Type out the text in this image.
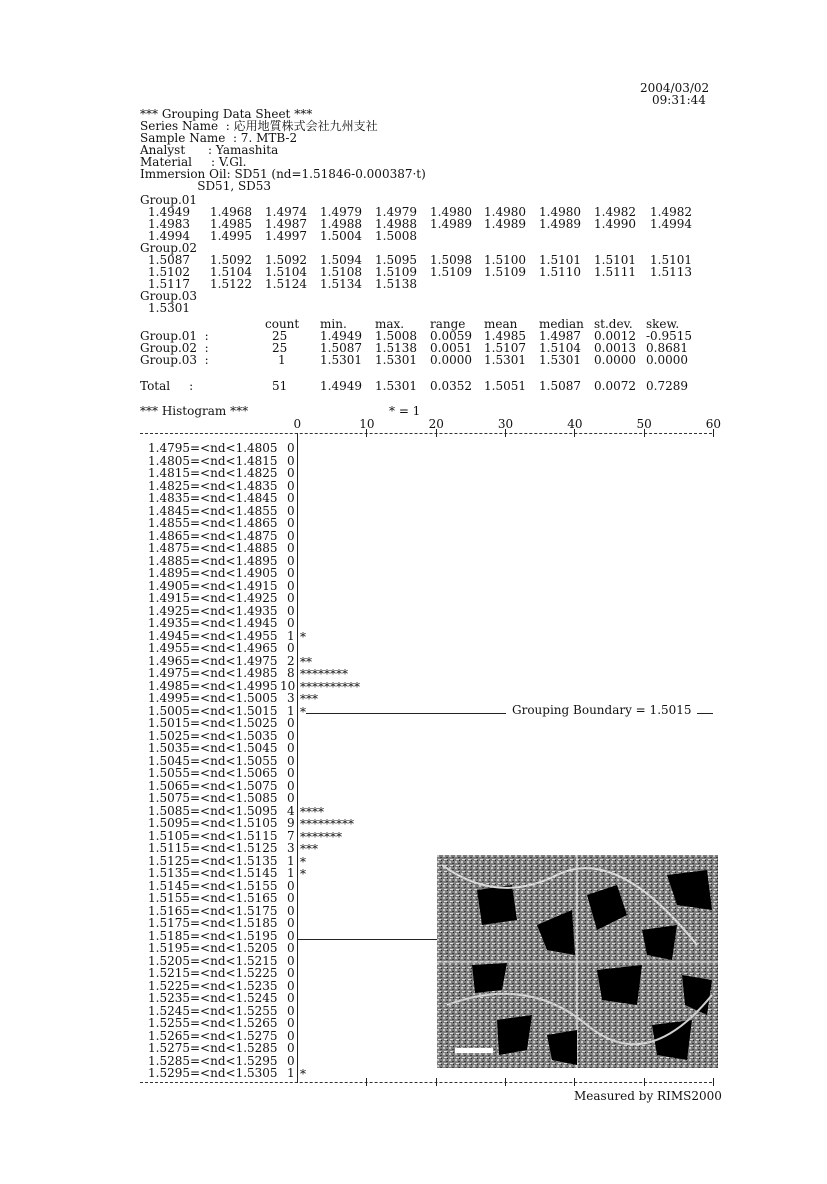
2004/03/02
09:31:44
*** Grouping Data Sheet ***
Series Name  : 応用地質株式会社九州支社
Sample Name  : 7. MTB-2
Analyst      : Yamashita
Material     : V.Gl.
Immersion Oil: SD51 (nd=1.51846-0.000387·t)
SD51, SD53
Group.01
1.4949 1.4968 1.4974 1.4979 1.4979 1.4980 1.4980 1.4980 1.4982 1.4982
1.4983 1.4985 1.4987 1.4988 1.4988 1.4989 1.4989 1.4989 1.4990 1.4994
1.4994 1.4995 1.4997 1.5004 1.5008
Group.02
1.5087 1.5092 1.5092 1.5094 1.5095 1.5098 1.5100 1.5101 1.5101 1.5101
1.5102 1.5104 1.5104 1.5108 1.5109 1.5109 1.5109 1.5110 1.5111 1.5113
1.5117 1.5122 1.5124 1.5134 1.5138
Group.03
1.5301
count min. max. range mean median st.dev. skew.
Group.01  :	25	1.4949 1.5008 0.0059 1.4985 1.4987 0.0012 -0.9515
Group.02  :	25	1.5087 1.5138 0.0051 1.5107 1.5104 0.0013 0.8681
Group.03  :	1	1.5301 1.5301 0.0000 1.5301 1.5301 0.0000 0.0000
Total     :	51	1.4949 1.5301 0.0352 1.5051 1.5087 0.0072 0.7289
*** Histogram ***	* = 1
0	10	20	30	40	50	60
1.4795=<nd<1.4805 0
1.4805=<nd<1.4815 0
1.4815=<nd<1.4825 0
1.4825=<nd<1.4835 0
1.4835=<nd<1.4845 0
1.4845=<nd<1.4855 0
1.4855=<nd<1.4865 0
1.4865=<nd<1.4875 0
1.4875=<nd<1.4885 0
1.4885=<nd<1.4895 0
1.4895=<nd<1.4905 0
1.4905=<nd<1.4915 0
1.4915=<nd<1.4925 0
1.4925=<nd<1.4935 0
1.4935=<nd<1.4945 0
1.4945=<nd<1.4955 1 *
1.4955=<nd<1.4965 0
1.4965=<nd<1.4975 2 **
1.4975=<nd<1.4985 8 ********
1.4985=<nd<1.4995 10 **********
1.4995=<nd<1.5005 3 ***
1.5005=<nd<1.5015 1 *
1.5015=<nd<1.5025 0
1.5025=<nd<1.5035 0
1.5035=<nd<1.5045 0
1.5045=<nd<1.5055 0
1.5055=<nd<1.5065 0
1.5065=<nd<1.5075 0
1.5075=<nd<1.5085 0
1.5085=<nd<1.5095 4 ****
1.5095=<nd<1.5105 9 *********
1.5105=<nd<1.5115 7 *******
1.5115=<nd<1.5125 3 ***
1.5125=<nd<1.5135 1 *
1.5135=<nd<1.5145 1 *
1.5145=<nd<1.5155 0
1.5155=<nd<1.5165 0
1.5165=<nd<1.5175 0
1.5175=<nd<1.5185 0
1.5185=<nd<1.5195 0
1.5195=<nd<1.5205 0
1.5205=<nd<1.5215 0
1.5215=<nd<1.5225 0
1.5225=<nd<1.5235 0
1.5235=<nd<1.5245 0
1.5245=<nd<1.5255 0
1.5255=<nd<1.5265 0
1.5265=<nd<1.5275 0
1.5275=<nd<1.5285 0
1.5285=<nd<1.5295 0
1.5295=<nd<1.5305 1 *
Grouping Boundary = 1.5015
Measured by RIMS2000
